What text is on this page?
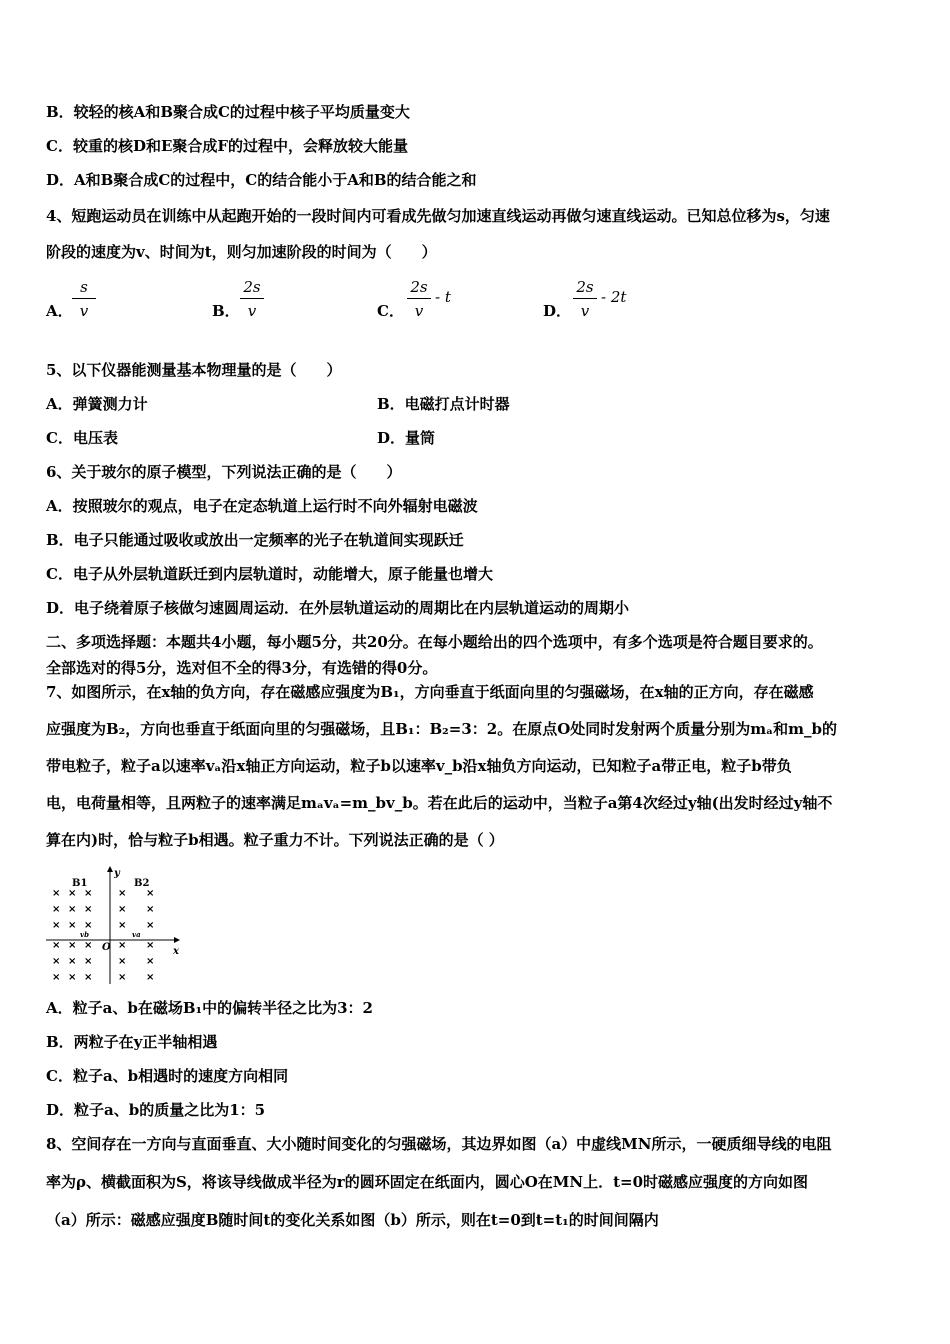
B．较轻的核A和B聚合成C的过程中核子平均质量变大
C．较重的核D和E聚合成F的过程中，会释放较大能量
D．A和B聚合成C的过程中，C的结合能小于A和B的结合能之和
4、短跑运动员在训练中从起跑开始的一段时间内可看成先做匀加速直线运动再做匀速直线运动。已知总位移为s，匀速
阶段的速度为v、时间为t，则匀加速阶段的时间为（　　）
A．
s
v	B．
2s
v	C．
2s
v
- t
D．
2s
v
- 2t
5、以下仪器能测量基本物理量的是（　　）
A．弹簧测力计	B．电磁打点计时器
C．电压表	D．量筒
6、关于玻尔的原子模型，下列说法正确的是（　　）
A．按照玻尔的观点，电子在定态轨道上运行时不向外辐射电磁波
B．电子只能通过吸收或放出一定频率的光子在轨道间实现跃迁
C．电子从外层轨道跃迁到内层轨道时，动能增大，原子能量也增大
D．电子绕着原子核做匀速圆周运动．在外层轨道运动的周期比在内层轨道运动的周期小
二、多项选择题：本题共4小题，每小题5分，共20分。在每小题给出的四个选项中，有多个选项是符合题目要求的。
全部选对的得5分，选对但不全的得3分，有选错的得0分。
7、如图所示，在x轴的负方向，存在磁感应强度为B₁，方向垂直于纸面向里的匀强磁场，在x轴的正方向，存在磁感
应强度为B₂，方向也垂直于纸面向里的匀强磁场，且B₁：B₂=3：2。在原点O处同时发射两个质量分别为mₐ和m_b的
带电粒子，粒子a以速率vₐ沿x轴正方向运动，粒子b以速率v_b沿x轴负方向运动，已知粒子a带正电，粒子b带负
电，电荷量相等，且两粒子的速率满足mₐvₐ=m_bv_b。若在此后的运动中，当粒子a第4次经过y轴(出发时经过y轴不
算在内)时，恰与粒子b相遇。粒子重力不计。下列说法正确的是（ ）
y
x
O
B1	B2
vb	va
× × ×	× ×
× × ×	× ×
× × ×	× ×
× × ×	× ×
× × ×	× ×
× × ×	× ×
A．粒子a、b在磁场B₁中的偏转半径之比为3：2
B．两粒子在y正半轴相遇
C．粒子a、b相遇时的速度方向相同
D．粒子a、b的质量之比为1：5
8、空间存在一方向与直面垂直、大小随时间变化的匀强磁场，其边界如图（a）中虚线MN所示，一硬质细导线的电阻
率为ρ、横截面积为S，将该导线做成半径为r的圆环固定在纸面内，圆心O在MN上．t=0时磁感应强度的方向如图
（a）所示：磁感应强度B随时间t的变化关系如图（b）所示，则在t=0到t=t₁的时间间隔内
